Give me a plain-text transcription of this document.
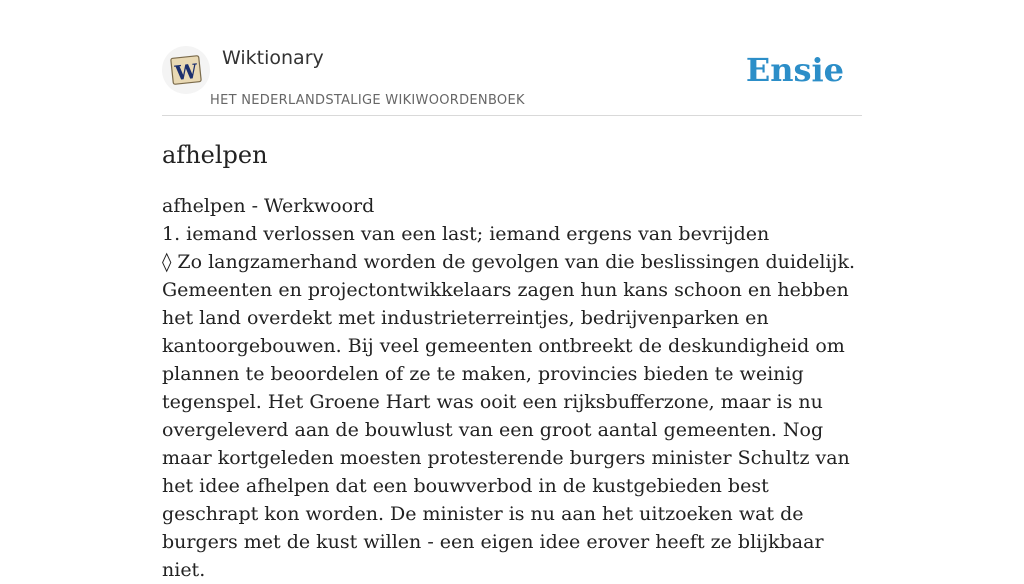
W
Wiktionary
HET NEDERLANDSTALIGE WIKIWOORDENBOEK
Ensie
afhelpen

afhelpen - Werkwoord

1. iemand verlossen van een last; iemand ergens van bevrijden

◊ Zo langzamerhand worden de gevolgen van die beslissingen duidelijk. Gemeenten en projectontwikkelaars zagen hun kans schoon en hebben het land overdekt met industrieterreintjes, bedrijvenparken en kantoorgebouwen. Bij veel gemeenten ontbreekt de deskundigheid om plannen te beoordelen of ze te maken, provincies bieden te weinig tegenspel. Het Groene Hart was ooit een rijksbufferzone, maar is nu overgeleverd aan de bouwlust van een groot aantal gemeenten. Nog maar kortgeleden moesten protesterende burgers minister Schultz van het idee afhelpen dat een bouwverbod in de kustgebieden best geschrapt kon worden. De minister is nu aan het uitzoeken wat de burgers met de kust willen - een eigen idee erover heeft ze blijkbaar niet.
